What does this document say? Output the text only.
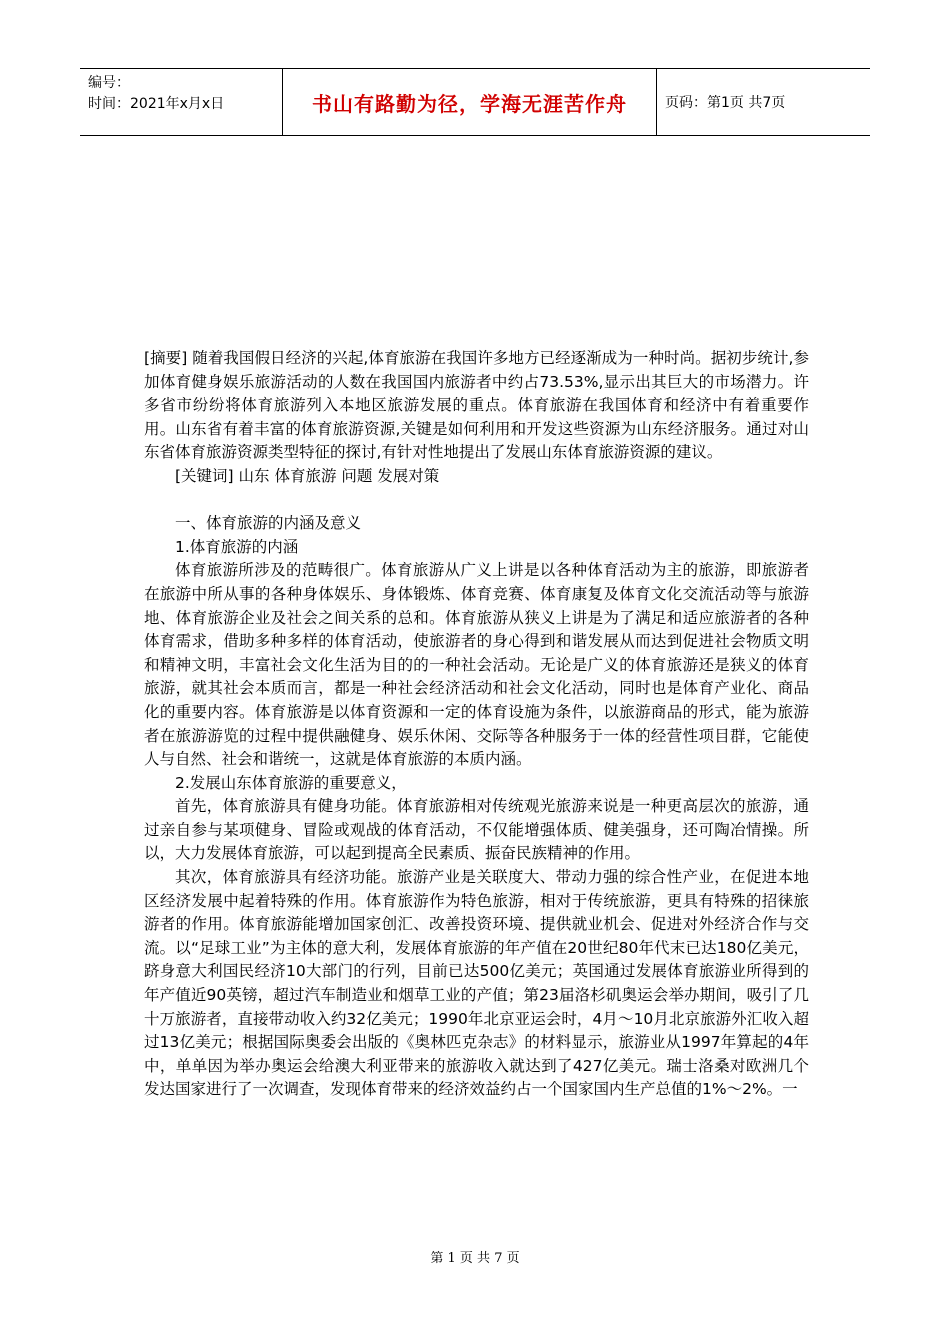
编号：
时间：2021年x月x日	书山有路勤为径，学海无涯苦作舟	页码：第1页 共7页

[摘要] 随着我国假日经济的兴起,体育旅游在我国许多地方已经逐渐成为一种时尚。据初步统计,参加体育健身娱乐旅游活动的人数在我国国内旅游者中约占73.53%,显示出其巨大的市场潜力。许多省市纷纷将体育旅游列入本地区旅游发展的重点。体育旅游在我国体育和经济中有着重要作用。山东省有着丰富的体育旅游资源,关键是如何利用和开发这些资源为山东经济服务。通过对山东省体育旅游资源类型特征的探讨,有针对性地提出了发展山东体育旅游资源的建议。

[关键词] 山东 体育旅游 问题 发展对策

一、体育旅游的内涵及意义

1.体育旅游的内涵

体育旅游所涉及的范畴很广。体育旅游从广义上讲是以各种体育活动为主的旅游，即旅游者在旅游中所从事的各种身体娱乐、身体锻炼、体育竞赛、体育康复及体育文化交流活动等与旅游地、体育旅游企业及社会之间关系的总和。体育旅游从狭义上讲是为了满足和适应旅游者的各种体育需求，借助多种多样的体育活动，使旅游者的身心得到和谐发展从而达到促进社会物质文明和精神文明，丰富社会文化生活为目的的一种社会活动。无论是广义的体育旅游还是狭义的体育旅游，就其社会本质而言，都是一种社会经济活动和社会文化活动，同时也是体育产业化、商品化的重要内容。体育旅游是以体育资源和一定的体育设施为条件，以旅游商品的形式，能为旅游者在旅游游览的过程中提供融健身、娱乐休闲、交际等各种服务于一体的经营性项目群，它能使人与自然、社会和谐统一，这就是体育旅游的本质内涵。

2.发展山东体育旅游的重要意义，

首先，体育旅游具有健身功能。体育旅游相对传统观光旅游来说是一种更高层次的旅游，通过亲自参与某项健身、冒险或观战的体育活动，不仅能增强体质、健美强身，还可陶冶情操。所以，大力发展体育旅游，可以起到提高全民素质、振奋民族精神的作用。

其次，体育旅游具有经济功能。旅游产业是关联度大、带动力强的综合性产业，在促进本地区经济发展中起着特殊的作用。体育旅游作为特色旅游，相对于传统旅游，更具有特殊的招徕旅游者的作用。体育旅游能增加国家创汇、改善投资环境、提供就业机会、促进对外经济合作与交流。以“足球工业”为主体的意大利，发展体育旅游的年产值在20世纪80年代末已达180亿美元，跻身意大利国民经济10大部门的行列，目前已达500亿美元；英国通过发展体育旅游业所得到的年产值近90英镑，超过汽车制造业和烟草工业的产值；第23届洛杉矶奥运会举办期间，吸引了几十万旅游者，直接带动收入约32亿美元；1990年北京亚运会时，4月～10月北京旅游外汇收入超过13亿美元；根据国际奥委会出版的《奥林匹克杂志》的材料显示，旅游业从1997年算起的4年中，单单因为举办奥运会给澳大利亚带来的旅游收入就达到了427亿美元。瑞士洛桑对欧洲几个发达国家进行了一次调查，发现体育带来的经济效益约占一个国家国内生产总值的1%～2%。一

第 1 页 共 7 页
